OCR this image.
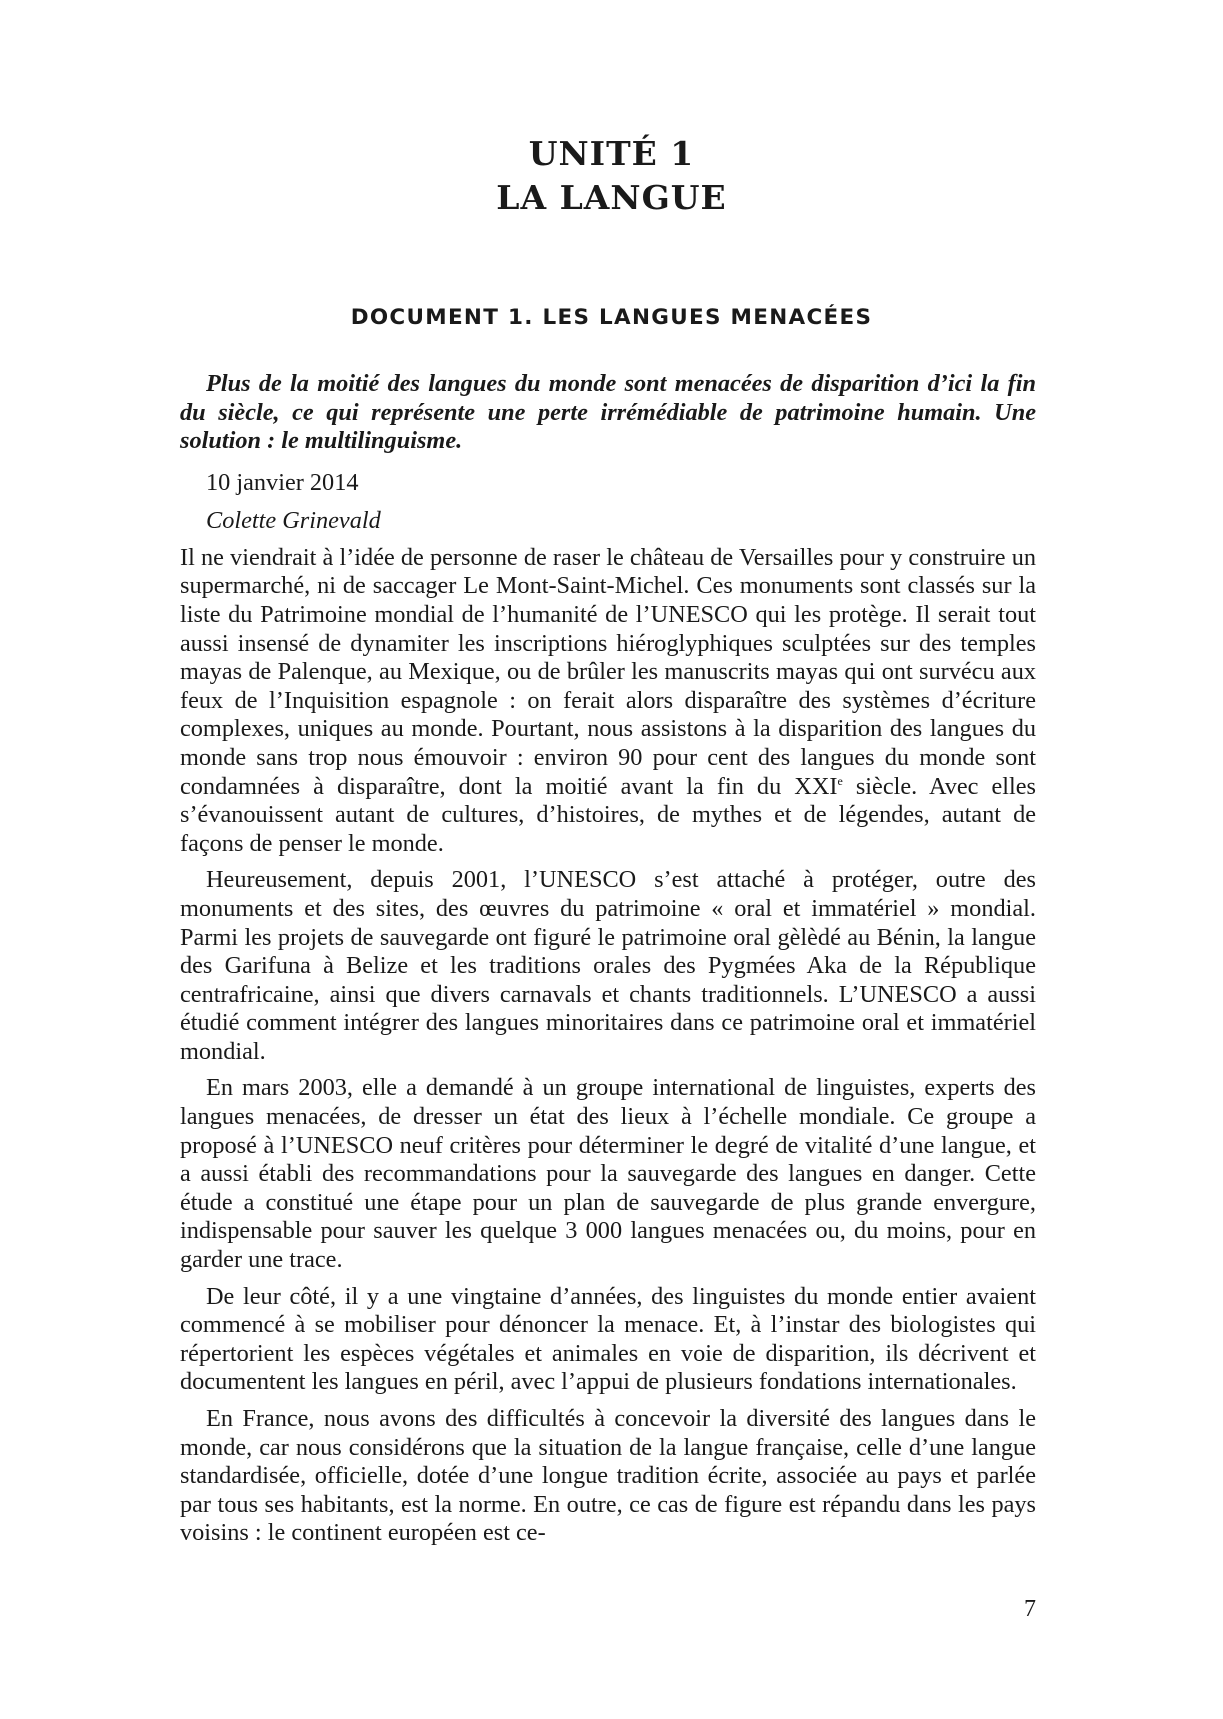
UNITÉ 1
LA LANGUE
DOCUMENT 1. LES LANGUES MENACÉES

Plus de la moitié des langues du monde sont menacées de disparition d’ici la fin du siècle, ce qui représente une perte irrémédiable de patrimoine humain. Une solution : le multilinguisme.

10 janvier 2014

Colette Grinevald

Il ne viendrait à l’idée de personne de raser le château de Versailles pour y construire un supermarché, ni de saccager Le Mont-Saint-Michel. Ces monuments sont classés sur la liste du Patrimoine mondial de l’humanité de l’UNESCO qui les protège. Il serait tout aussi insensé de dynamiter les inscriptions hiéroglyphiques sculptées sur des temples mayas de Palenque, au Mexique, ou de brûler les manuscrits mayas qui ont survécu aux feux de l’Inquisition espagnole : on ferait alors disparaître des systèmes d’écriture complexes, uniques au monde. Pourtant, nous assistons à la disparition des langues du monde sans trop nous émouvoir : environ 90 pour cent des langues du monde sont condamnées à disparaître, dont la moitié avant la fin du XXIe siècle. Avec elles s’évanouissent autant de cultures, d’histoires, de mythes et de légendes, autant de façons de penser le monde.

Heureusement, depuis 2001, l’UNESCO s’est attaché à protéger, outre des monuments et des sites, des œuvres du patrimoine « oral et immatériel » mondial. Parmi les projets de sauvegarde ont figuré le patrimoine oral gèlèdé au Bénin, la langue des Garifuna à Belize et les traditions orales des Pygmées Aka de la République centrafricaine, ainsi que divers carnavals et chants traditionnels. L’UNESCO a aussi étudié comment intégrer des langues minoritaires dans ce patrimoine oral et immatériel mondial.

En mars 2003, elle a demandé à un groupe international de linguistes, experts des langues menacées, de dresser un état des lieux à l’échelle mondiale. Ce groupe a proposé à l’UNESCO neuf critères pour déterminer le degré de vitalité d’une langue, et a aussi établi des recommandations pour la sauvegarde des langues en danger. Cette étude a constitué une étape pour un plan de sauvegarde de plus grande envergure, indispensable pour sauver les quelque 3 000 langues menacées ou, du moins, pour en garder une trace.

De leur côté, il y a une vingtaine d’années, des linguistes du monde entier avaient commencé à se mobiliser pour dénoncer la menace. Et, à l’instar des biologistes qui répertorient les espèces végétales et animales en voie de disparition, ils décrivent et documentent les langues en péril, avec l’appui de plusieurs fondations internationales.

En France, nous avons des difficultés à concevoir la diversité des langues dans le monde, car nous considérons que la situation de la langue française, celle d’une langue standardisée, officielle, dotée d’une longue tradition écrite, associée au pays et parlée par tous ses habitants, est la norme. En outre, ce cas de figure est répandu dans les pays voisins : le continent européen est ce-

7
